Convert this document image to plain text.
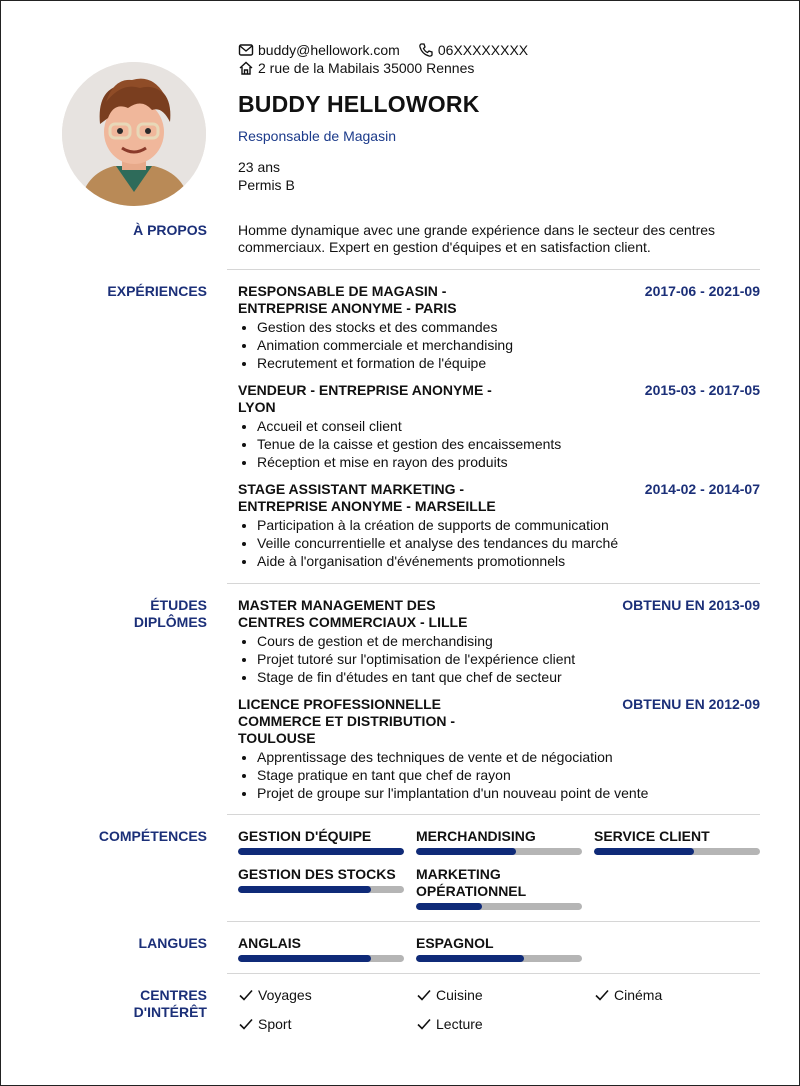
buddy@hellowork.com	06XXXXXXXX
2 rue de la Mabilais 35000 Rennes
BUDDY HELLOWORK
Responsable de Magasin
23 ans
Permis B
À PROPOS Homme dynamique avec une grande expérience dans le secteur des centres commerciaux. Expert en gestion d'équipes et en satisfaction client.
EXPÉRIENCES RESPONSABLE DE MAGASIN - ENTREPRISE ANONYME - PARIS
2017-06 - 2021-09
• Gestion des stocks et des commandes
• Animation commerciale et merchandising
• Recrutement et formation de l'équipe
VENDEUR - ENTREPRISE ANONYME - LYON
2015-03 - 2017-05
• Accueil et conseil client
• Tenue de la caisse et gestion des encaissements
• Réception et mise en rayon des produits
STAGE ASSISTANT MARKETING - ENTREPRISE ANONYME - MARSEILLE
2014-02 - 2014-07
• Participation à la création de supports de communication
• Veille concurrentielle et analyse des tendances du marché
• Aide à l'organisation d'événements promotionnels
ÉTUDES
DIPLÔMES
MASTER MANAGEMENT DES CENTRES COMMERCIAUX - LILLE
OBTENU EN 2013-09
• Cours de gestion et de merchandising
• Projet tutoré sur l'optimisation de l'expérience client
• Stage de fin d'études en tant que chef de secteur
LICENCE PROFESSIONNELLE COMMERCE ET DISTRIBUTION - TOULOUSE
OBTENU EN 2012-09
• Apprentissage des techniques de vente et de négociation
• Stage pratique en tant que chef de rayon
• Projet de groupe sur l'implantation d'un nouveau point de vente
COMPÉTENCES GESTION D'ÉQUIPE	MERCHANDISING	SERVICE CLIENT
GESTION DES STOCKS	MARKETING OPÉRATIONNEL
LANGUES ANGLAIS	ESPAGNOL
CENTRES
D'INTÉRÊT
Voyages	Cuisine	Cinéma
Sport	Lecture
